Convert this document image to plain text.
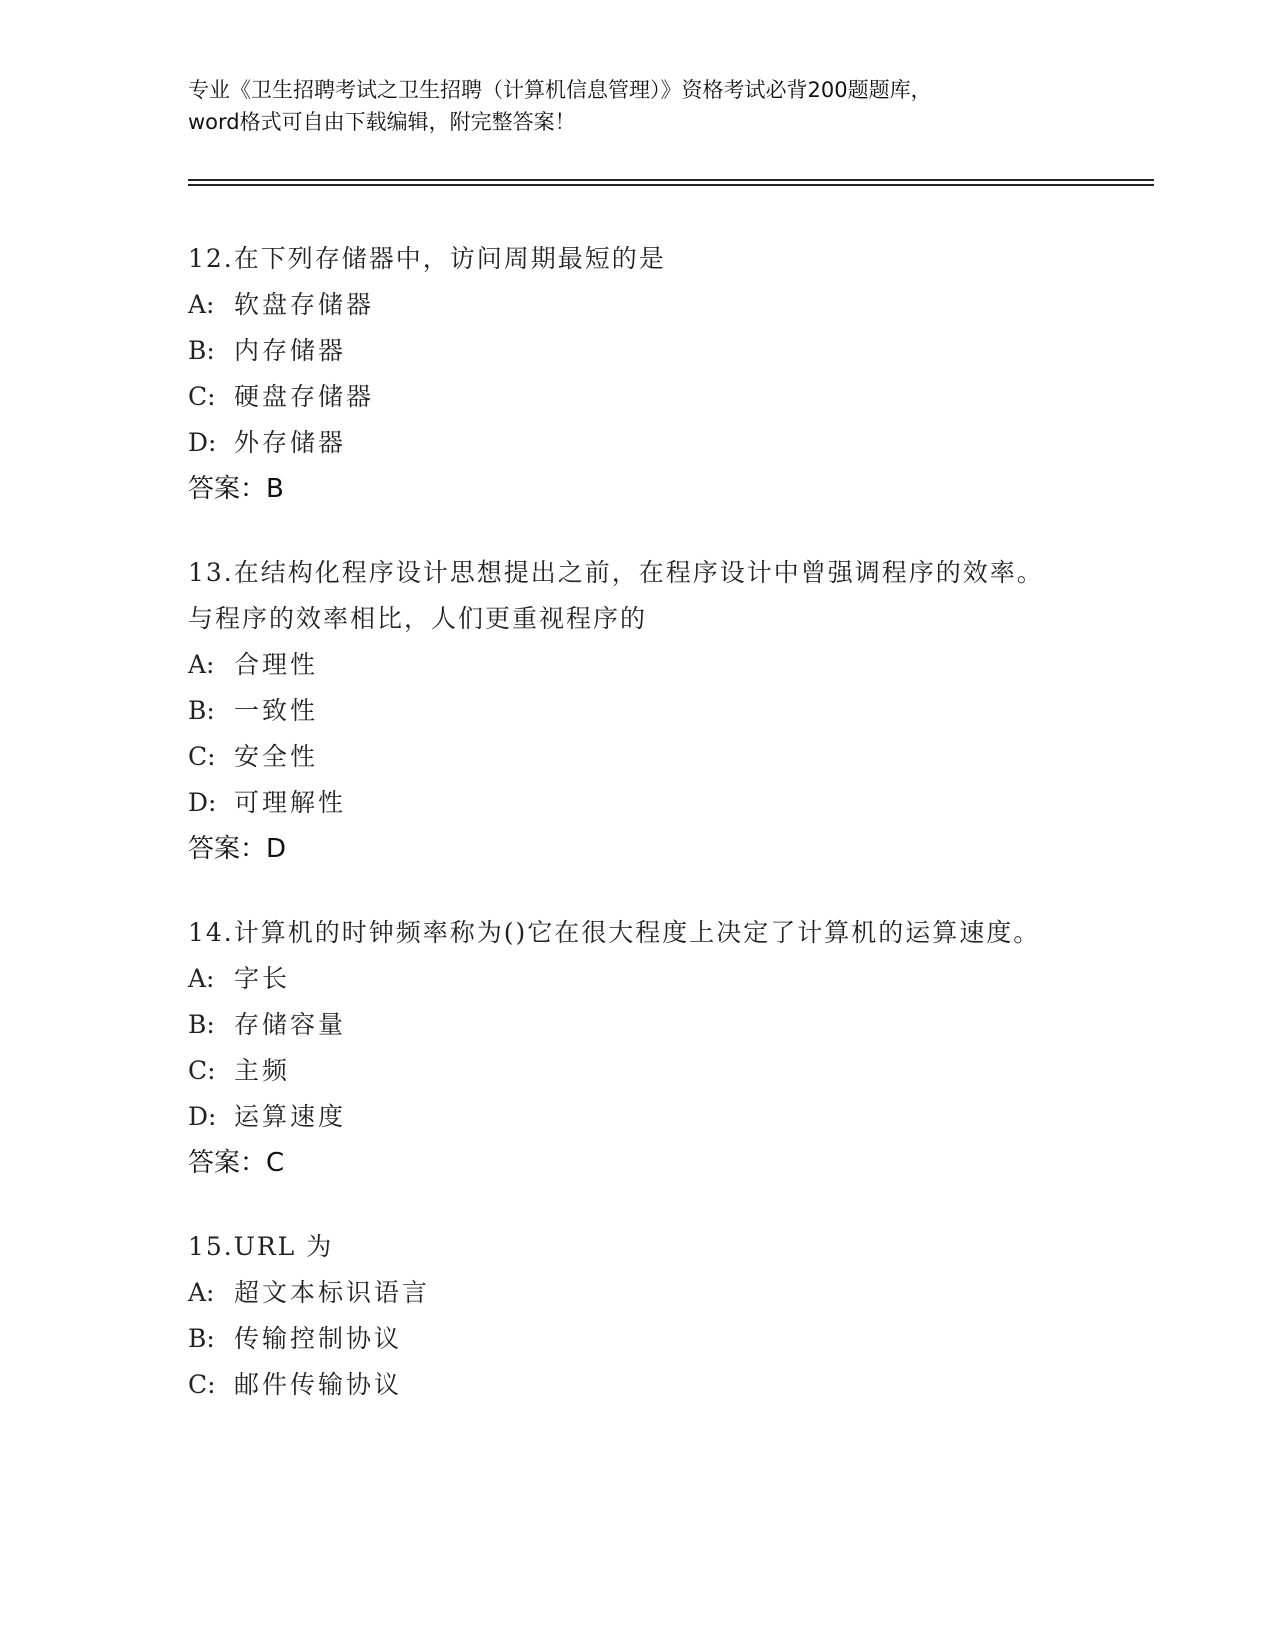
专业《卫生招聘考试之卫生招聘（计算机信息管理）》资格考试必背200题题库，
word格式可自由下载编辑，附完整答案！
12.在下列存储器中，访问周期最短的是
A: 软盘存储器
B: 内存储器
C: 硬盘存储器
D: 外存储器
答案：B
13.在结构化程序设计思想提出之前，在程序设计中曾强调程序的效率。与程序的效率相比，人们更重视程序的
A: 合理性
B: 一致性
C: 安全性
D: 可理解性
答案：D
14.计算机的时钟频率称为()它在很大程度上决定了计算机的运算速度。
A: 字长
B: 存储容量
C: 主频
D: 运算速度
答案：C
15.URL 为
A: 超文本标识语言
B: 传输控制协议
C: 邮件传输协议
